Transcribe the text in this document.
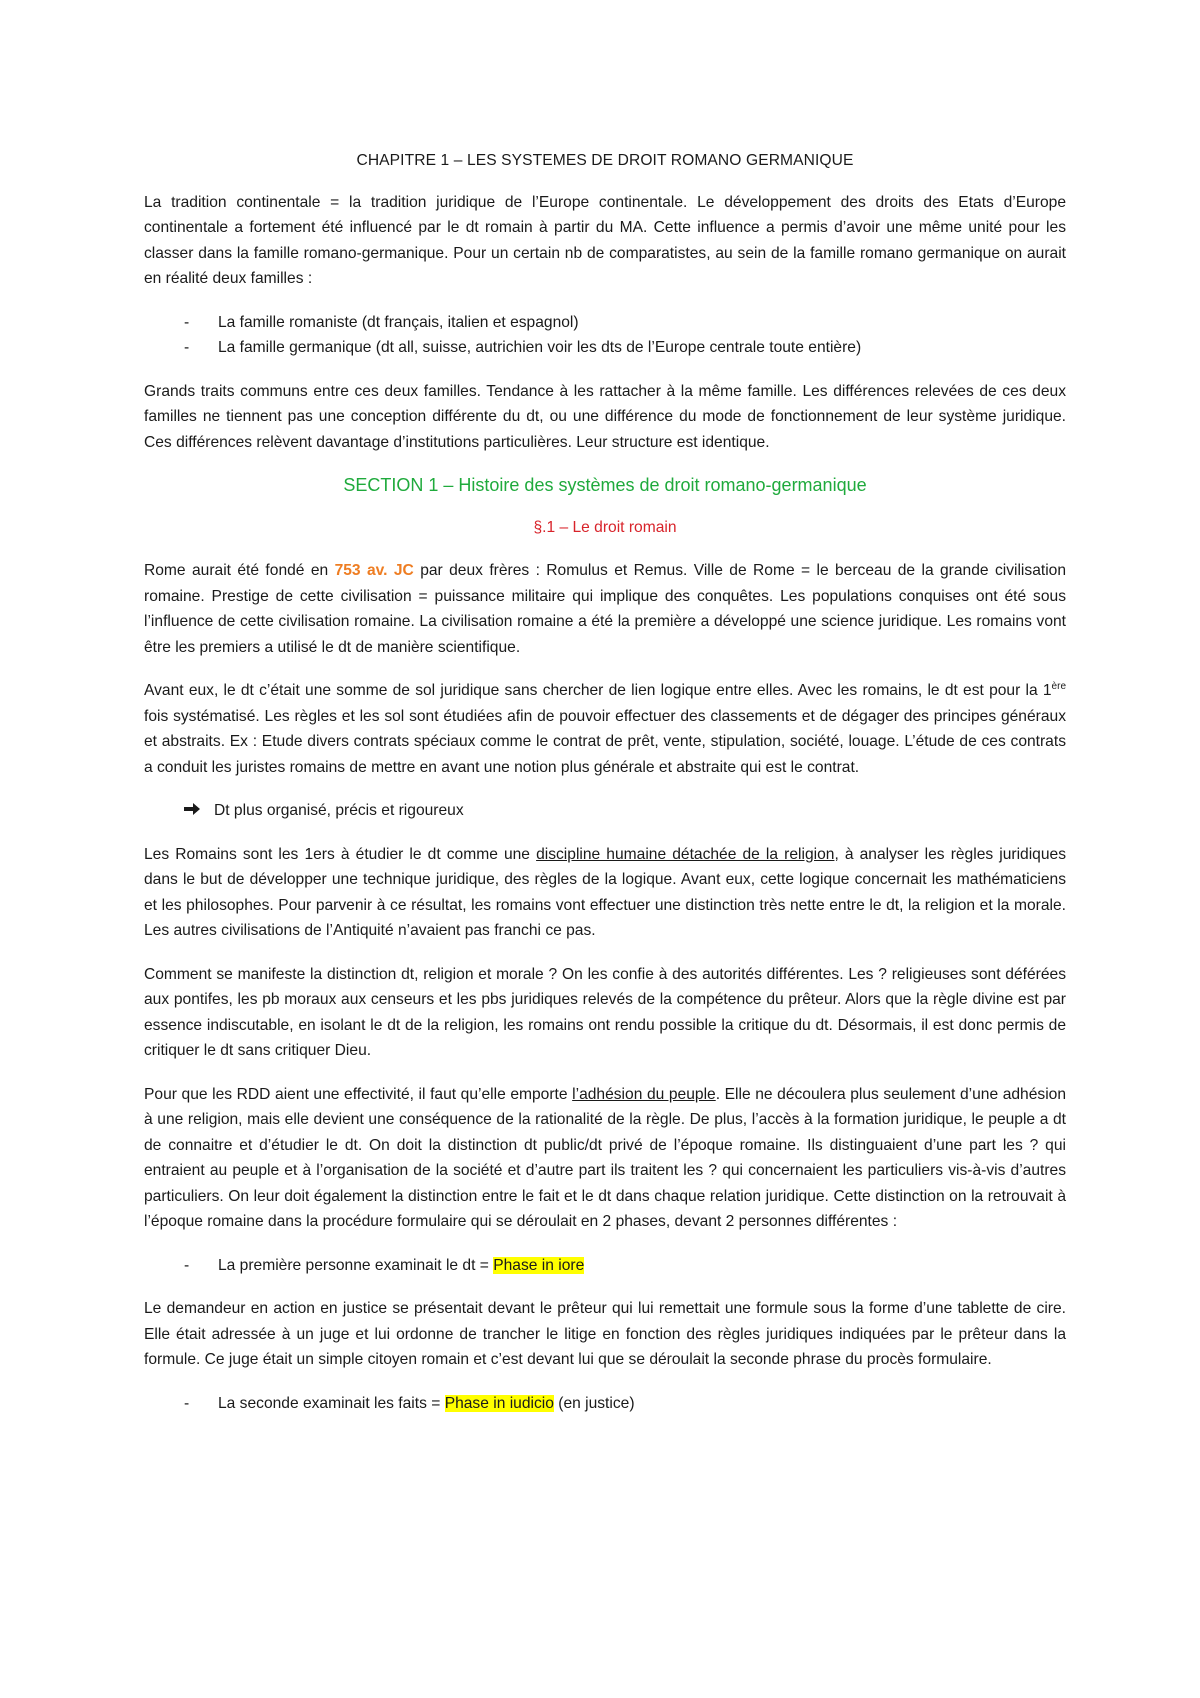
CHAPITRE 1 – LES SYSTEMES DE DROIT ROMANO GERMANIQUE

La tradition continentale = la tradition juridique de l’Europe continentale. Le développement des droits des Etats d’Europe continentale a fortement été influencé par le dt romain à partir du MA. Cette influence a permis d’avoir une même unité pour les classer dans la famille romano-germanique. Pour un certain nb de comparatistes, au sein de la famille romano germanique on aurait en réalité deux familles :

- La famille romaniste (dt français, italien et espagnol)
- La famille germanique (dt all, suisse, autrichien voir les dts de l’Europe centrale toute entière)

Grands traits communs entre ces deux familles. Tendance à les rattacher à la même famille. Les différences relevées de ces deux familles ne tiennent pas une conception différente du dt, ou une différence du mode de fonctionnement de leur système juridique. Ces différences relèvent davantage d’institutions particulières. Leur structure est identique.

SECTION 1 – Histoire des systèmes de droit romano-germanique
§.1 – Le droit romain

Rome aurait été fondé en 753 av. JC par deux frères : Romulus et Remus. Ville de Rome = le berceau de la grande civilisation romaine. Prestige de cette civilisation = puissance militaire qui implique des conquêtes. Les populations conquises ont été sous l’influence de cette civilisation romaine. La civilisation romaine a été la première a développé une science juridique. Les romains vont être les premiers a utilisé le dt de manière scientifique.

Avant eux, le dt c’était une somme de sol juridique sans chercher de lien logique entre elles. Avec les romains, le dt est pour la 1ère fois systématisé. Les règles et les sol sont étudiées afin de pouvoir effectuer des classements et de dégager des principes généraux et abstraits. Ex : Etude divers contrats spéciaux comme le contrat de prêt, vente, stipulation, société, louage. L’étude de ces contrats a conduit les juristes romains de mettre en avant une notion plus générale et abstraite qui est le contrat.

Dt plus organisé, précis et rigoureux

Les Romains sont les 1ers à étudier le dt comme une discipline humaine détachée de la religion, à analyser les règles juridiques dans le but de développer une technique juridique, des règles de la logique. Avant eux, cette logique concernait les mathématiciens et les philosophes. Pour parvenir à ce résultat, les romains vont effectuer une distinction très nette entre le dt, la religion et la morale. Les autres civilisations de l’Antiquité n’avaient pas franchi ce pas.

Comment se manifeste la distinction dt, religion et morale ? On les confie à des autorités différentes. Les ? religieuses sont déférées aux pontifes, les pb moraux aux censeurs et les pbs juridiques relevés de la compétence du prêteur. Alors que la règle divine est par essence indiscutable, en isolant le dt de la religion, les romains ont rendu possible la critique du dt. Désormais, il est donc permis de critiquer le dt sans critiquer Dieu.

Pour que les RDD aient une effectivité, il faut qu’elle emporte l’adhésion du peuple. Elle ne découlera plus seulement d’une adhésion à une religion, mais elle devient une conséquence de la rationalité de la règle. De plus, l’accès à la formation juridique, le peuple a dt de connaitre et d’étudier le dt. On doit la distinction dt public/dt privé de l’époque romaine. Ils distinguaient d’une part les ? qui entraient au peuple et à l’organisation de la société et d’autre part ils traitent les ? qui concernaient les particuliers vis-à-vis d’autres particuliers. On leur doit également la distinction entre le fait et le dt dans chaque relation juridique. Cette distinction on la retrouvait à l’époque romaine dans la procédure formulaire qui se déroulait en 2 phases, devant 2 personnes différentes :

- La première personne examinait le dt = Phase in iore

Le demandeur en action en justice se présentait devant le prêteur qui lui remettait une formule sous la forme d’une tablette de cire. Elle était adressée à un juge et lui ordonne de trancher le litige en fonction des règles juridiques indiquées par le prêteur dans la formule. Ce juge était un simple citoyen romain et c’est devant lui que se déroulait la seconde phrase du procès formulaire.

- La seconde examinait les faits = Phase in iudicio (en justice)
